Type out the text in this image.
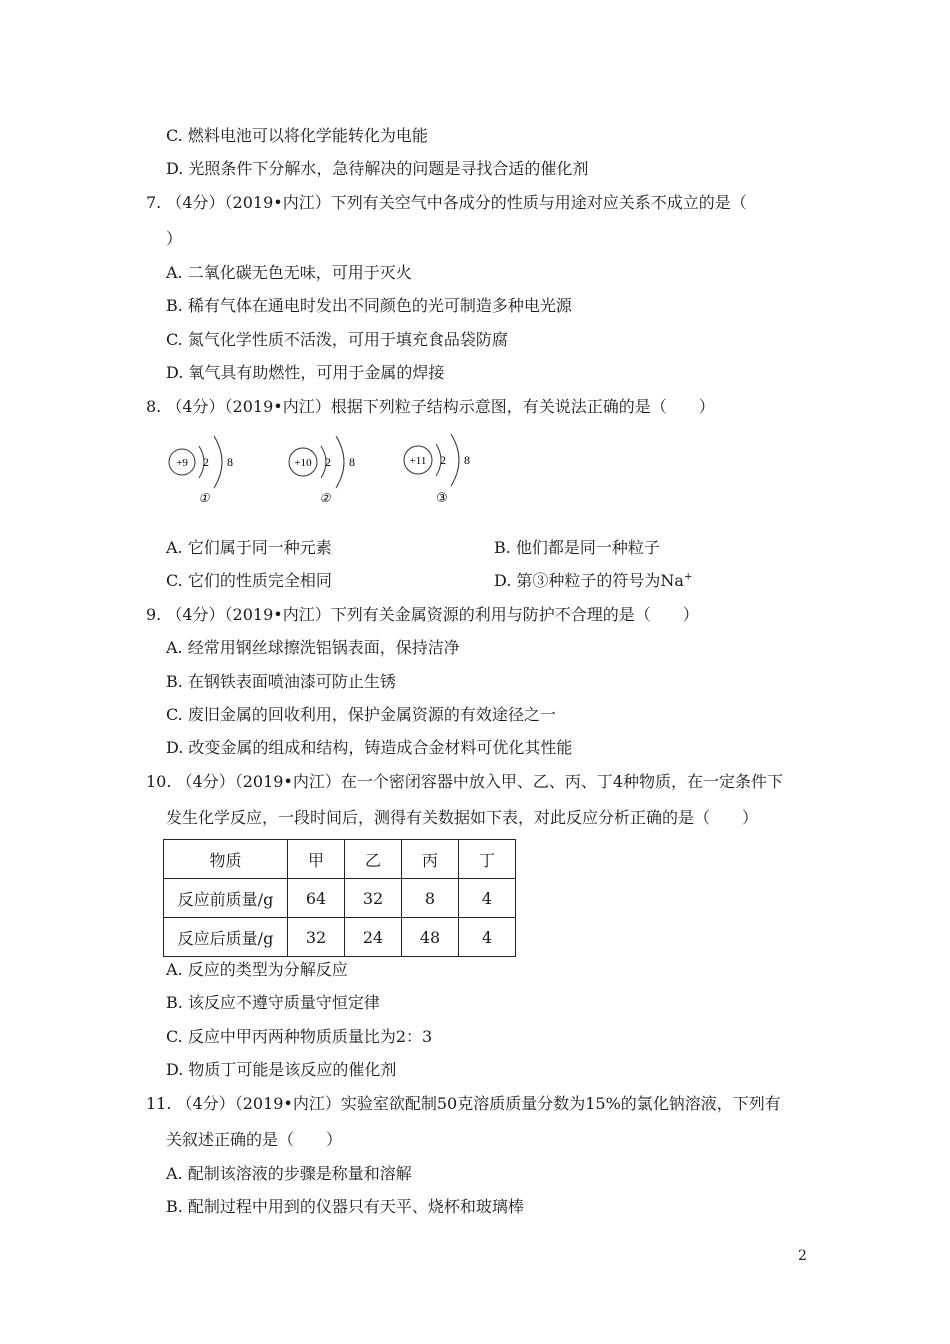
C. 燃料电池可以将化学能转化为电能
D. 光照条件下分解水，急待解决的问题是寻找合适的催化剂
7. （4分）（2019•内江）下列有关空气中各成分的性质与用途对应关系不成立的是（
）
A. 二氧化碳无色无味，可用于灭火
B. 稀有气体在通电时发出不同颜色的光可制造多种电光源
C. 氮气化学性质不活泼，可用于填充食品袋防腐
D. 氧气具有助燃性，可用于金属的焊接
8. （4分）（2019•内江）根据下列粒子结构示意图，有关说法正确的是（　　）
+9 2 8
①
+10 2 8
②
+11 2 8
③
A. 它们属于同一种元素	B. 他们都是同一种粒子
C. 它们的性质完全相同	D. 第③种粒子的符号为Na+
9. （4分）（2019•内江）下列有关金属资源的利用与防护不合理的是（　　）
A. 经常用钢丝球擦洗铝锅表面，保持洁净
B. 在钢铁表面喷油漆可防止生锈
C. 废旧金属的回收利用，保护金属资源的有效途径之一
D. 改变金属的组成和结构，铸造成合金材料可优化其性能
10. （4分）（2019•内江）在一个密闭容器中放入甲、乙、丙、丁4种物质，在一定条件下
发生化学反应，一段时间后，测得有关数据如下表，对此反应分析正确的是（　　）
物质	甲	乙	丙	丁
反应前质量/g	64	32	8	4
反应后质量/g	32	24	48	4
A. 反应的类型为分解反应
B. 该反应不遵守质量守恒定律
C. 反应中甲丙两种物质质量比为2：3
D. 物质丁可能是该反应的催化剂
11. （4分）（2019•内江）实验室欲配制50克溶质质量分数为15%的氯化钠溶液，下列有
关叙述正确的是（　　）
A. 配制该溶液的步骤是称量和溶解
B. 配制过程中用到的仪器只有天平、烧杯和玻璃棒
2
